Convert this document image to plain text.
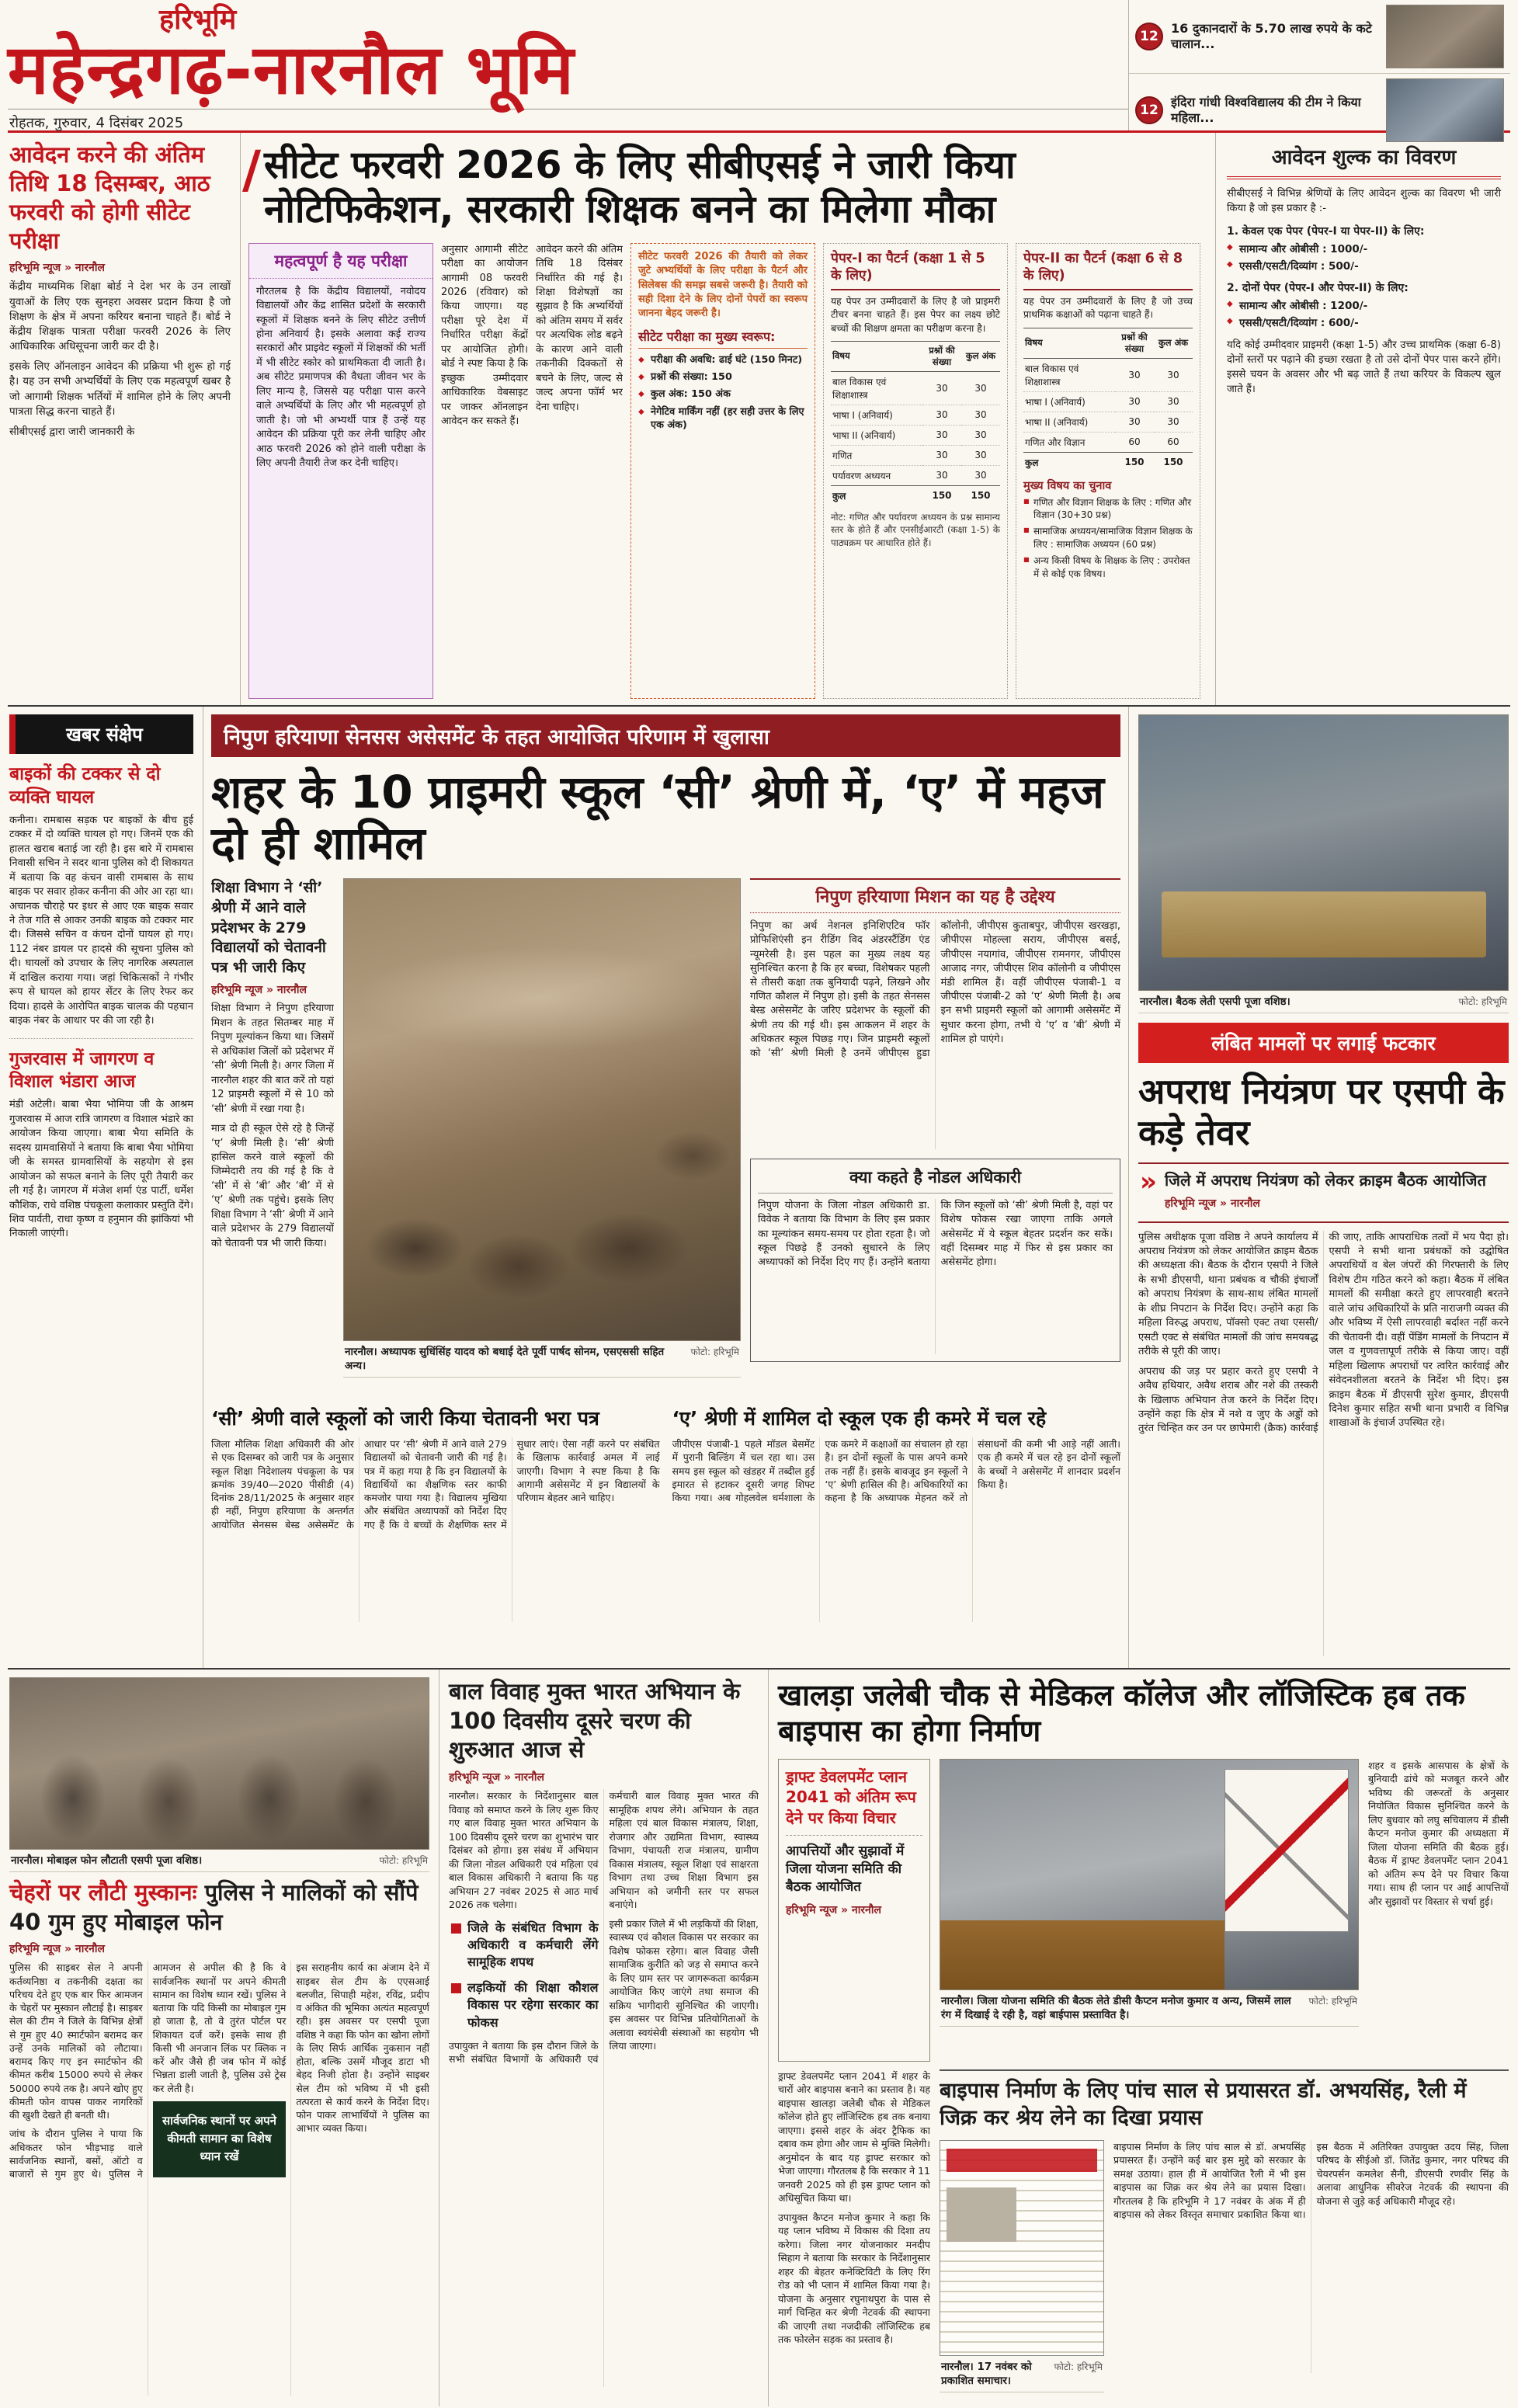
हरिभूमि
महेन्द्रगढ़-नारनौल भूमि
रोहतक, गुरुवार, 4 दिसंबर 2025
12
16 दुकानदारों के 5.70 लाख रुपये के कटे चालान...
12
इंदिरा गांधी विश्वविद्यालय की टीम ने किया महिला...
आवेदन करने की अंतिम तिथि 18 दिसम्बर, आठ फरवरी को होगी सीटेट परीक्षा
हरिभूमि न्यूज » नारनौल

केंद्रीय माध्यमिक शिक्षा बोर्ड ने देश भर के उन लाखों युवाओं के लिए एक सुनहरा अवसर प्रदान किया है जो शिक्षण के क्षेत्र में अपना करियर बनाना चाहते हैं। बोर्ड ने केंद्रीय शिक्षक पात्रता परीक्षा फरवरी 2026 के लिए आधिकारिक अधिसूचना जारी कर दी है।

इसके लिए ऑनलाइन आवेदन की प्रक्रिया भी शुरू हो गई है। यह उन सभी अभ्यर्थियों के लिए एक महत्वपूर्ण खबर है जो आगामी शिक्षक भर्तियों में शामिल होने के लिए अपनी पात्रता सिद्ध करना चाहते हैं।

सीबीएसई द्वारा जारी जानकारी के

/ सीटेट फरवरी 2026 के लिए सीबीएसई ने जारी किया नोटिफिकेशन, सरकारी शिक्षक बनने का मिलेगा मौका
महत्वपूर्ण है यह परीक्षा
गौरतलब है कि केंद्रीय विद्यालयों, नवोदय विद्यालयों और केंद्र शासित प्रदेशों के सरकारी स्कूलों में शिक्षक बनने के लिए सीटेट उत्तीर्ण होना अनिवार्य है। इसके अलावा कई राज्य सरकारों और प्राइवेट स्कूलों में शिक्षकों की भर्ती में भी सीटेट स्कोर को प्राथमिकता दी जाती है। अब सीटेट प्रमाणपत्र की वैधता जीवन भर के लिए मान्य है, जिससे यह परीक्षा पास करने वाले अभ्यर्थियों के लिए और भी महत्वपूर्ण हो जाती है। जो भी अभ्यर्थी पात्र हैं उन्हें यह आवेदन की प्रक्रिया पूरी कर लेनी चाहिए और आठ फरवरी 2026 को होने वाली परीक्षा के लिए अपनी तैयारी तेज कर देनी चाहिए।
अनुसार आगामी सीटेट परीक्षा का आयोजन आगामी 08 फरवरी 2026 (रविवार) को किया जाएगा। यह परीक्षा पूरे देश में निर्धारित परीक्षा केंद्रों पर आयोजित होगी। बोर्ड ने स्पष्ट किया है कि इच्छुक उम्मीदवार आधिकारिक वेबसाइट पर जाकर ऑनलाइन आवेदन कर सकते हैं।
आवेदन करने की अंतिम तिथि 18 दिसंबर निर्धारित की गई है। शिक्षा विशेषज्ञों का सुझाव है कि अभ्यर्थियों को अंतिम समय में सर्वर पर अत्यधिक लोड बढ़ने के कारण आने वाली तकनीकी दिक्कतों से बचने के लिए, जल्द से जल्द अपना फॉर्म भर देना चाहिए।
सीटेट फरवरी 2026 की तैयारी को लेकर जुटे अभ्यर्थियों के लिए परीक्षा के पैटर्न और सिलेबस की समझ सबसे जरूरी है। तैयारी को सही दिशा देने के लिए दोनों पेपरों का स्वरूप जानना बेहद जरूरी है।
सीटेट परीक्षा का मुख्य स्वरूप:
◆ परीक्षा की अवधि: ढाई घंटे (150 मिनट)
◆ प्रश्नों की संख्या: 150
◆ कुल अंक: 150 अंक
◆ नेगेटिव मार्किंग नहीं (हर सही उत्तर के लिए एक अंक)
पेपर-I का पैटर्न (कक्षा 1 से 5 के लिए)
यह पेपर उन उम्मीदवारों के लिए है जो प्राइमरी टीचर बनना चाहते हैं। इस पेपर का लक्ष्य छोटे बच्चों की शिक्षण क्षमता का परीक्षण करना है।
विषय	प्रश्नों की संख्या	कुल अंक
बाल विकास एवं शिक्षाशास्त्र	30	30
भाषा I (अनिवार्य)	30	30
भाषा II (अनिवार्य)	30	30
गणित	30	30
पर्यावरण अध्ययन	30	30
कुल	150	150
नोट: गणित और पर्यावरण अध्ययन के प्रश्न सामान्य स्तर के होते हैं और एनसीईआरटी (कक्षा 1-5) के पाठ्यक्रम पर आधारित होते हैं।
पेपर-II का पैटर्न (कक्षा 6 से 8 के लिए)
यह पेपर उन उम्मीदवारों के लिए है जो उच्च प्राथमिक कक्षाओं को पढ़ाना चाहते हैं।
विषय	प्रश्नों की संख्या	कुल अंक
बाल विकास एवं शिक्षाशास्त्र	30	30
भाषा I (अनिवार्य)	30	30
भाषा II (अनिवार्य)	30	30
गणित और विज्ञान	60	60
कुल	150	150
मुख्य विषय का चुनाव
■ गणित और विज्ञान शिक्षक के लिए : गणित और विज्ञान (30+30 प्रश्न)
■ सामाजिक अध्ययन/सामाजिक विज्ञान शिक्षक के लिए : सामाजिक अध्ययन (60 प्रश्न)
■ अन्य किसी विषय के शिक्षक के लिए : उपरोक्त में से कोई एक विषय।
आवेदन शुल्क का विवरण
सीबीएसई ने विभिन्न श्रेणियों के लिए आवेदन शुल्क का विवरण भी जारी किया है जो इस प्रकार है :-
1. केवल एक पेपर (पेपर-I या पेपर-II) के लिए:
◆ सामान्य और ओबीसी : 1000/-
◆ एससी/एसटी/दिव्यांग : 500/-
2. दोनों पेपर (पेपर-I और पेपर-II) के लिए:
◆ सामान्य और ओबीसी : 1200/-
◆ एससी/एसटी/दिव्यांग : 600/-
यदि कोई उम्मीदवार प्राइमरी (कक्षा 1-5) और उच्च प्राथमिक (कक्षा 6-8) दोनों स्तरों पर पढ़ाने की इच्छा रखता है तो उसे दोनों पेपर पास करने होंगे। इससे चयन के अवसर और भी बढ़ जाते हैं तथा करियर के विकल्प खुल जाते हैं।
खबर संक्षेप
बाइकों की टक्कर से दो व्यक्ति घायल
कनीना। रामबास सड़क पर बाइकों के बीच हुई टक्कर में दो व्यक्ति घायल हो गए। जिनमें एक की हालत खराब बताई जा रही है। इस बारे में रामबास निवासी सचिन ने सदर थाना पुलिस को दी शिकायत में बताया कि वह कंचन वासी रामबास के साथ बाइक पर सवार होकर कनीना की ओर आ रहा था। अचानक चौराहे पर इधर से आए एक बाइक सवार ने तेज गति से आकर उनकी बाइक को टक्कर मार दी। जिससे सचिन व कंचन दोनों घायल हो गए। 112 नंबर डायल पर हादसे की सूचना पुलिस को दी। घायलों को उपचार के लिए नागरिक अस्पताल में दाखिल कराया गया। जहां चिकित्सकों ने गंभीर रूप से घायल को हायर सेंटर के लिए रेफर कर दिया। हादसे के आरोपित बाइक चालक की पहचान बाइक नंबर के आधार पर की जा रही है।
गुजरवास में जागरण व विशाल भंडारा आज
मंडी अटेली। बाबा भैया भोमिया जी के आश्रम गुजरवास में आज रात्रि जागरण व विशाल भंडारे का आयोजन किया जाएगा। बाबा भैया समिति के सदस्य ग्रामवासियों ने बताया कि बाबा भैया भोमिया जी के समस्त ग्रामवासियों के सहयोग से इस आयोजन को सफल बनाने के लिए पूरी तैयारी कर ली गई है। जागरण में मंजेश शर्मा एंड पार्टी, धर्मेश कौशिक, राधे वशिष्ठ पंचकूला कलाकार प्रस्तुति देंगे। शिव पार्वती, राधा कृष्ण व हनुमान की झांकियां भी निकाली जाएंगी।
निपुण हरियाणा सेनसस असेसमेंट के तहत आयोजित परिणाम में खुलासा
शहर के 10 प्राइमरी स्कूल ‘सी’ श्रेणी में, ‘ए’ में महज दो ही शामिल
शिक्षा विभाग ने ‘सी’ श्रेणी में आने वाले प्रदेशभर के 279 विद्यालयों को चेतावनी पत्र भी जारी किए
हरिभूमि न्यूज » नारनौल

शिक्षा विभाग ने निपुण हरियाणा मिशन के तहत सितम्बर माह में निपुण मूल्यांकन किया था। जिसमें से अधिकांश जिलों को प्रदेशभर में ‘सी’ श्रेणी मिली है। अगर जिला में नारनौल शहर की बात करें तो यहां 12 प्राइमरी स्कूलों में से 10 को ‘सी’ श्रेणी में रखा गया है।

मात्र दो ही स्कूल ऐसे रहे है जिन्हें ‘ए’ श्रेणी मिली है। ‘सी’ श्रेणी हासिल करने वाले स्कूलों की जिम्मेदारी तय की गई है कि वे ‘सी’ में से ‘बी’ और ‘बी’ में से ‘ए’ श्रेणी तक पहुंचे। इसके लिए शिक्षा विभाग ने ‘सी’ श्रेणी में आने वाले प्रदेशभर के 279 विद्यालयों को चेतावनी पत्र भी जारी किया।

नारनौल। अध्यापक सुधिंसिंह यादव को बधाई देते पूर्वी पार्षद सोनम, एसएससी सहित अन्य।
फोटो: हरिभूमि
निपुण हरियाणा मिशन का यह है उद्देश्य
निपुण का अर्थ नेशनल इनिशिएटिव फॉर प्रोफिशिएंसी इन रीडिंग विद अंडरस्टैंडिंग एंड न्यूमरेसी है। इस पहल का मुख्य लक्ष्य यह सुनिश्चित करना है कि हर बच्चा, विशेषकर पहली से तीसरी कक्षा तक बुनियादी पढ़ने, लिखने और गणित कौशल में निपुण हो। इसी के तहत सेनसस बेस्ड असेसमेंट के जरिए प्रदेशभर के स्कूलों की श्रेणी तय की गई थी। इस आकलन में शहर के अधिकतर स्कूल पिछड़ गए। जिन प्राइमरी स्कूलों को ‘सी’ श्रेणी मिली है उनमें जीपीएस हुडा कॉलोनी, जीपीएस कुताबपुर, जीपीएस खरखड़ा, जीपीएस मोहल्ला सराय, जीपीएस बसई, जीपीएस नयागांव, जीपीएस रामनगर, जीपीएस आजाद नगर, जीपीएस शिव कॉलोनी व जीपीएस मंडी शामिल हैं। वहीं जीपीएस पंजाबी-1 व जीपीएस पंजाबी-2 को ‘ए’ श्रेणी मिली है। अब इन सभी प्राइमरी स्कूलों को आगामी असेसमेंट में सुधार करना होगा, तभी ये ‘ए’ व ‘बी’ श्रेणी में शामिल हो पाएंगे।
क्या कहते है नोडल अधिकारी
निपुण योजना के जिला नोडल अधिकारी डा. विवेक ने बताया कि विभाग के लिए इस प्रकार का मूल्यांकन समय-समय पर होता रहता है। जो स्कूल पिछड़े हैं उनको सुधारने के लिए अध्यापकों को निर्देश दिए गए हैं। उन्होंने बताया कि जिन स्कूलों को ‘सी’ श्रेणी मिली है, वहां पर विशेष फोकस रखा जाएगा ताकि अगले असेसमेंट में ये स्कूल बेहतर प्रदर्शन कर सकें। वहीं दिसम्बर माह में फिर से इस प्रकार का असेसमेंट होगा।
‘सी’ श्रेणी वाले स्कूलों को जारी किया चेतावनी भरा पत्र
जिला मौलिक शिक्षा अधिकारी की ओर से एक दिसम्बर को जारी पत्र के अनुसार स्कूल शिक्षा निदेशालय पंचकूला के पत्र क्रमांक 39/40—2020 पीसीडी (4) दिनांक 28/11/2025 के अनुसार शहर ही नहीं, निपुण हरियाणा के अन्तर्गत आयोजित सेनसस बेस्ड असेसमेंट के आधार पर ‘सी’ श्रेणी में आने वाले 279 विद्यालयों को चेतावनी जारी की गई है। पत्र में कहा गया है कि इन विद्यालयों के विद्यार्थियों का शैक्षणिक स्तर काफी कमजोर पाया गया है। विद्यालय मुखिया और संबंधित अध्यापकों को निर्देश दिए गए हैं कि वे बच्चों के शैक्षणिक स्तर में सुधार लाएं। ऐसा नहीं करने पर संबंधित के खिलाफ कार्रवाई अमल में लाई जाएगी। विभाग ने स्पष्ट किया है कि आगामी असेसमेंट में इन विद्यालयों के परिणाम बेहतर आने चाहिए।
‘ए’ श्रेणी में शामिल दो स्कूल एक ही कमरे में चल रहे
जीपीएस पंजाबी-1 पहले मॉडल बेसमेंट में पुरानी बिल्डिंग में चल रहा था। उस समय इस स्कूल को खंडहर में तब्दील हुई इमारत से हटाकर दूसरी जगह शिफ्ट किया गया। अब गोहलवेल धर्मशाला के एक कमरे में कक्षाओं का संचालन हो रहा है। इन दोनों स्कूलों के पास अपने कमरे तक नहीं हैं। इसके बावजूद इन स्कूलों ने ‘ए’ श्रेणी हासिल की है। अधिकारियों का कहना है कि अध्यापक मेहनत करें तो संसाधनों की कमी भी आड़े नहीं आती। एक ही कमरे में चल रहे इन दोनों स्कूलों के बच्चों ने असेसमेंट में शानदार प्रदर्शन किया है।
नारनौल। बैठक लेती एसपी पूजा वशिष्ठ।	फोटो: हरिभूमि
लंबित मामलों पर लगाई फटकार
अपराध नियंत्रण पर एसपी के कड़े तेवर
» जिले में अपराध नियंत्रण को लेकर क्राइम बैठक आयोजित
हरिभूमि न्यूज » नारनौल

पुलिस अधीक्षक पूजा वशिष्ठ ने अपने कार्यालय में अपराध नियंत्रण को लेकर आयोजित क्राइम बैठक की अध्यक्षता की। बैठक के दौरान एसपी ने जिले के सभी डीएसपी, थाना प्रबंधक व चौकी इंचार्जों को अपराध नियंत्रण के साथ-साथ लंबित मामलों के शीघ्र निपटान के निर्देश दिए। उन्होंने कहा कि महिला विरुद्ध अपराध, पॉक्सो एक्ट तथा एससी/एसटी एक्ट से संबंधित मामलों की जांच समयबद्ध तरीके से पूरी की जाए।

अपराध की जड़ पर प्रहार करते हुए एसपी ने अवैध हथियार, अवैध शराब और नशे की तस्करी के खिलाफ अभियान तेज करने के निर्देश दिए। उन्होंने कहा कि क्षेत्र में नशे व जुए के अड्डों को तुरंत चिन्हित कर उन पर छापेमारी (क्रैक) कार्रवाई की जाए, ताकि आपराधिक तत्वों में भय पैदा हो। एसपी ने सभी थाना प्रबंधकों को उद्घोषित अपराधियों व बेल जंपरों की गिरफ्तारी के लिए विशेष टीम गठित करने को कहा। बैठक में लंबित मामलों की समीक्षा करते हुए लापरवाही बरतने वाले जांच अधिकारियों के प्रति नाराजगी व्यक्त की और भविष्य में ऐसी लापरवाही बर्दाश्त नहीं करने की चेतावनी दी। वहीं पेंडिंग मामलों के निपटान में जल व गुणवत्तापूर्ण तरीके से किया जाए। वहीं महिला खिलाफ अपराधों पर त्वरित कार्रवाई और संवेदनशीलता बरतने के निर्देश भी दिए। इस क्राइम बैठक में डीएसपी सुरेश कुमार, डीएसपी दिनेश कुमार सहित सभी थाना प्रभारी व विभिन्न शाखाओं के इंचार्ज उपस्थित रहे।

नारनौल। मोबाइल फोन लौटाती एसपी पूजा वशिष्ठ।	फोटो: हरिभूमि
चेहरों पर लौटी मुस्कानः पुलिस ने मालिकों को सौंपे 40 गुम हुए मोबाइल फोन
हरिभूमि न्यूज » नारनौल

पुलिस की साइबर सेल ने अपनी कर्तव्यनिष्ठा व तकनीकी दक्षता का परिचय देते हुए एक बार फिर आमजन के चेहरों पर मुस्कान लौटाई है। साइबर सेल की टीम ने जिले के विभिन्न क्षेत्रों से गुम हुए 40 स्मार्टफोन बरामद कर उन्हें उनके मालिकों को लौटाया। बरामद किए गए इन स्मार्टफोन की कीमत करीब 15000 रुपये से लेकर 50000 रुपये तक है। अपने खोए हुए कीमती फोन वापस पाकर नागरिकों की खुशी देखते ही बनती थी।

जांच के दौरान पुलिस ने पाया कि अधिकतर फोन भीड़भाड़ वाले सार्वजनिक स्थानों, बसों, ऑटो व बाजारों से गुम हुए थे। पुलिस ने आमजन से अपील की है कि वे सार्वजनिक स्थानों पर अपने कीमती सामान का विशेष ध्यान रखें। पुलिस ने बताया कि यदि किसी का मोबाइल गुम हो जाता है, तो वे तुरंत पोर्टल पर शिकायत दर्ज करें। इसके साथ ही किसी भी अनजान लिंक पर क्लिक न करें और जैसे ही जब फोन में कोई भिन्नता डाली जाती है, पुलिस उसे ट्रेस कर लेती है।

सार्वजनिक स्थानों पर अपने कीमती सामान का विशेष ध्यान रखें

इस सराहनीय कार्य का अंजाम देने में साइबर सेल टीम के एएसआई बलजीत, सिपाही महेश, रविंद्र, प्रदीप व अंकित की भूमिका अत्यंत महत्वपूर्ण रही। इस अवसर पर एसपी पूजा वशिष्ठ ने कहा कि फोन का खोना लोगों के लिए सिर्फ आर्थिक नुकसान नहीं होता, बल्कि उसमें मौजूद डाटा भी बेहद निजी होता है। उन्होंने साइबर सेल टीम को भविष्य में भी इसी तत्परता से कार्य करने के निर्देश दिए। फोन पाकर लाभार्थियों ने पुलिस का आभार व्यक्त किया।

बाल विवाह मुक्त भारत अभियान के 100 दिवसीय दूसरे चरण की शुरुआत आज से
हरिभूमि न्यूज » नारनौल

नारनौल। सरकार के निर्देशानुसार बाल विवाह को समाप्त करने के लिए शुरू किए गए बाल विवाह मुक्त भारत अभियान के 100 दिवसीय दूसरे चरण का शुभारंभ चार दिसंबर को होगा। इस संबंध में अभियान की जिला नोडल अधिकारी एवं महिला एवं बाल विकास अधिकारी ने बताया कि यह अभियान 27 नवंबर 2025 से आठ मार्च 2026 तक चलेगा।

जिले के संबंधित विभाग के अधिकारी व कर्मचारी लेंगे सामूहिक शपथ
लड़कियों की शिक्षा कौशल विकास पर रहेगा सरकार का फोकस

उपायुक्त ने बताया कि इस दौरान जिले के सभी संबंधित विभागों के अधिकारी एवं कर्मचारी बाल विवाह मुक्त भारत की सामूहिक शपथ लेंगे। अभियान के तहत महिला एवं बाल विकास मंत्रालय, शिक्षा, रोजगार और उद्यमिता विभाग, स्वास्थ्य विभाग, पंचायती राज मंत्रालय, ग्रामीण विकास मंत्रालय, स्कूल शिक्षा एवं साक्षरता विभाग तथा उच्च शिक्षा विभाग इस अभियान को जमीनी स्तर पर सफल बनाएंगे।

इसी प्रकार जिले में भी लड़कियों की शिक्षा, स्वास्थ्य एवं कौशल विकास पर सरकार का विशेष फोकस रहेगा। बाल विवाह जैसी सामाजिक कुरीति को जड़ से समाप्त करने के लिए ग्राम स्तर पर जागरूकता कार्यक्रम आयोजित किए जाएंगे तथा समाज की सक्रिय भागीदारी सुनिश्चित की जाएगी। इस अवसर पर विभिन्न प्रतियोगिताओं के अलावा स्वयंसेवी संस्थाओं का सहयोग भी लिया जाएगा।

खालड़ा जलेबी चौक से मेडिकल कॉलेज और लॉजिस्टिक हब तक बाइपास का होगा निर्माण
ड्राफ्ट डेवलपमेंट प्लान 2041 को अंतिम रूप देने पर किया विचार
आपत्तियों और सुझावों में जिला योजना समिति की बैठक आयोजित
हरिभूमि न्यूज » नारनौल
नारनौल। जिला योजना समिति की बैठक लेते डीसी कैप्टन मनोज कुमार व अन्य, जिसमें लाल रंग में दिखाई दे रही है, वहां बाईपास प्रस्तावित है।
फोटो: हरिभूमि

शहर व इसके आसपास के क्षेत्रों के बुनियादी ढांचे को मजबूत करने और भविष्य की जरूरतों के अनुसार नियोजित विकास सुनिश्चित करने के लिए बुधवार को लघु सचिवालय में डीसी कैप्टन मनोज कुमार की अध्यक्षता में जिला योजना समिति की बैठक हुई। बैठक में ड्राफ्ट डेवलपमेंट प्लान 2041 को अंतिम रूप देने पर विचार किया गया। साथ ही प्लान पर आई आपत्तियों और सुझावों पर विस्तार से चर्चा हुई।

ड्राफ्ट डेवलपमेंट प्लान 2041 में शहर के चारों ओर बाइपास बनाने का प्रस्ताव है। यह बाइपास खालड़ा जलेबी चौक से मेडिकल कॉलेज होते हुए लॉजिस्टिक हब तक बनाया जाएगा। इससे शहर के अंदर ट्रैफिक का दबाव कम होगा और जाम से मुक्ति मिलेगी। अनुमोदन के बाद यह ड्राफ्ट सरकार को भेजा जाएगा। गौरतलब है कि सरकार ने 11 जनवरी 2025 को ही इस ड्राफ्ट प्लान को अधिसूचित किया था।

उपायुक्त कैप्टन मनोज कुमार ने कहा कि यह प्लान भविष्य में विकास की दिशा तय करेगा। जिला नगर योजनाकार मनदीप सिहाग ने बताया कि सरकार के निर्देशानुसार शहर की बेहतर कनेक्टिविटी के लिए रिंग रोड को भी प्लान में शामिल किया गया है। योजना के अनुसार रघुनाथपुरा के पास से मार्ग चिन्हित कर श्रेणी नेटवर्क की स्थापना की जाएगी तथा नजदीकी लॉजिस्टिक हब तक फोरलेन सड़क का प्रस्ताव है।

बाइपास निर्माण के लिए पांच साल से प्रयासरत डॉ. अभयसिंह, रैली में जिक्र कर श्रेय लेने का दिखा प्रयास
नारनौल। 17 नवंबर को प्रकाशित समाचार।
फोटो: हरिभूमि
बाइपास निर्माण के लिए पांच साल से डॉ. अभयसिंह प्रयासरत हैं। उन्होंने कई बार इस मुद्दे को सरकार के समक्ष उठाया। हाल ही में आयोजित रैली में भी इस बाइपास का जिक्र कर श्रेय लेने का प्रयास दिखा। गौरतलब है कि हरिभूमि ने 17 नवंबर के अंक में ही बाइपास को लेकर विस्तृत समाचार प्रकाशित किया था। इस बैठक में अतिरिक्त उपायुक्त उदय सिंह, जिला परिषद के सीईओ डॉ. जितेंद्र कुमार, नगर परिषद की चेयरपर्सन कमलेश सैनी, डीएसपी रणवीर सिंह के अलावा आधुनिक सीवरेज नेटवर्क की स्थापना की योजना से जुड़े कई अधिकारी मौजूद रहे।
